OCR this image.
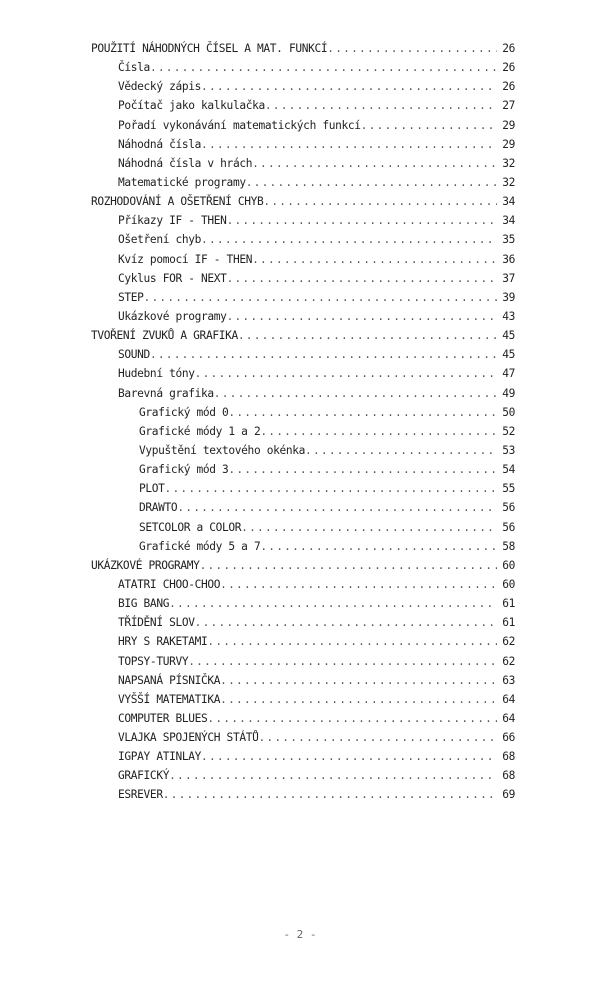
POUŽITÍ NÁHODNÝCH ČÍSEL A MAT. FUNKCÍ .....	26
Čísla .....	26
Vědecký zápis .....	26
Počítač jako kalkulačka .....	27
Pořadí vykonávání matematických funkcí .....	29
Náhodná čísla .....	29
Náhodná čísla v hrách .....	32
Matematické programy .....	32
ROZHODOVÁNÍ A OŠETŘENÍ CHYB .....	34
Příkazy IF - THEN .....	34
Ošetření chyb .....	35
Kvíz pomocí IF - THEN .....	36
Cyklus FOR - NEXT .....	37
STEP .....	39
Ukázkové programy .....	43
TVOŘENÍ ZVUKŮ A GRAFIKA .....	45
SOUND .....	45
Hudební tóny .....	47
Barevná grafika .....	49
Grafický mód 0 .....	50
Grafické módy 1 a 2 .....	52
Vypuštění textového okénka .....	53
Grafický mód 3 .....	54
PLOT .....	55
DRAWTO .....	56
SETCOLOR a COLOR .....	56
Grafické módy 5 a 7 .....	58
UKÁZKOVÉ PROGRAMY .....	60
ATATRI CHOO-CHOO .....	60
BIG BANG .....	61
TŘÍDĚNÍ SLOV .....	61
HRY S RAKETAMI .....	62
TOPSY-TURVY .....	62
NAPSANÁ PÍSNIČKA .....	63
VYŠŠÍ MATEMATIKA .....	64
COMPUTER BLUES .....	64
VLAJKA SPOJENÝCH STÁTŮ .....	66
IGPAY ATINLAY .....	68
GRAFICKÝ .....	68
ESREVER .....	69
- 2 -
